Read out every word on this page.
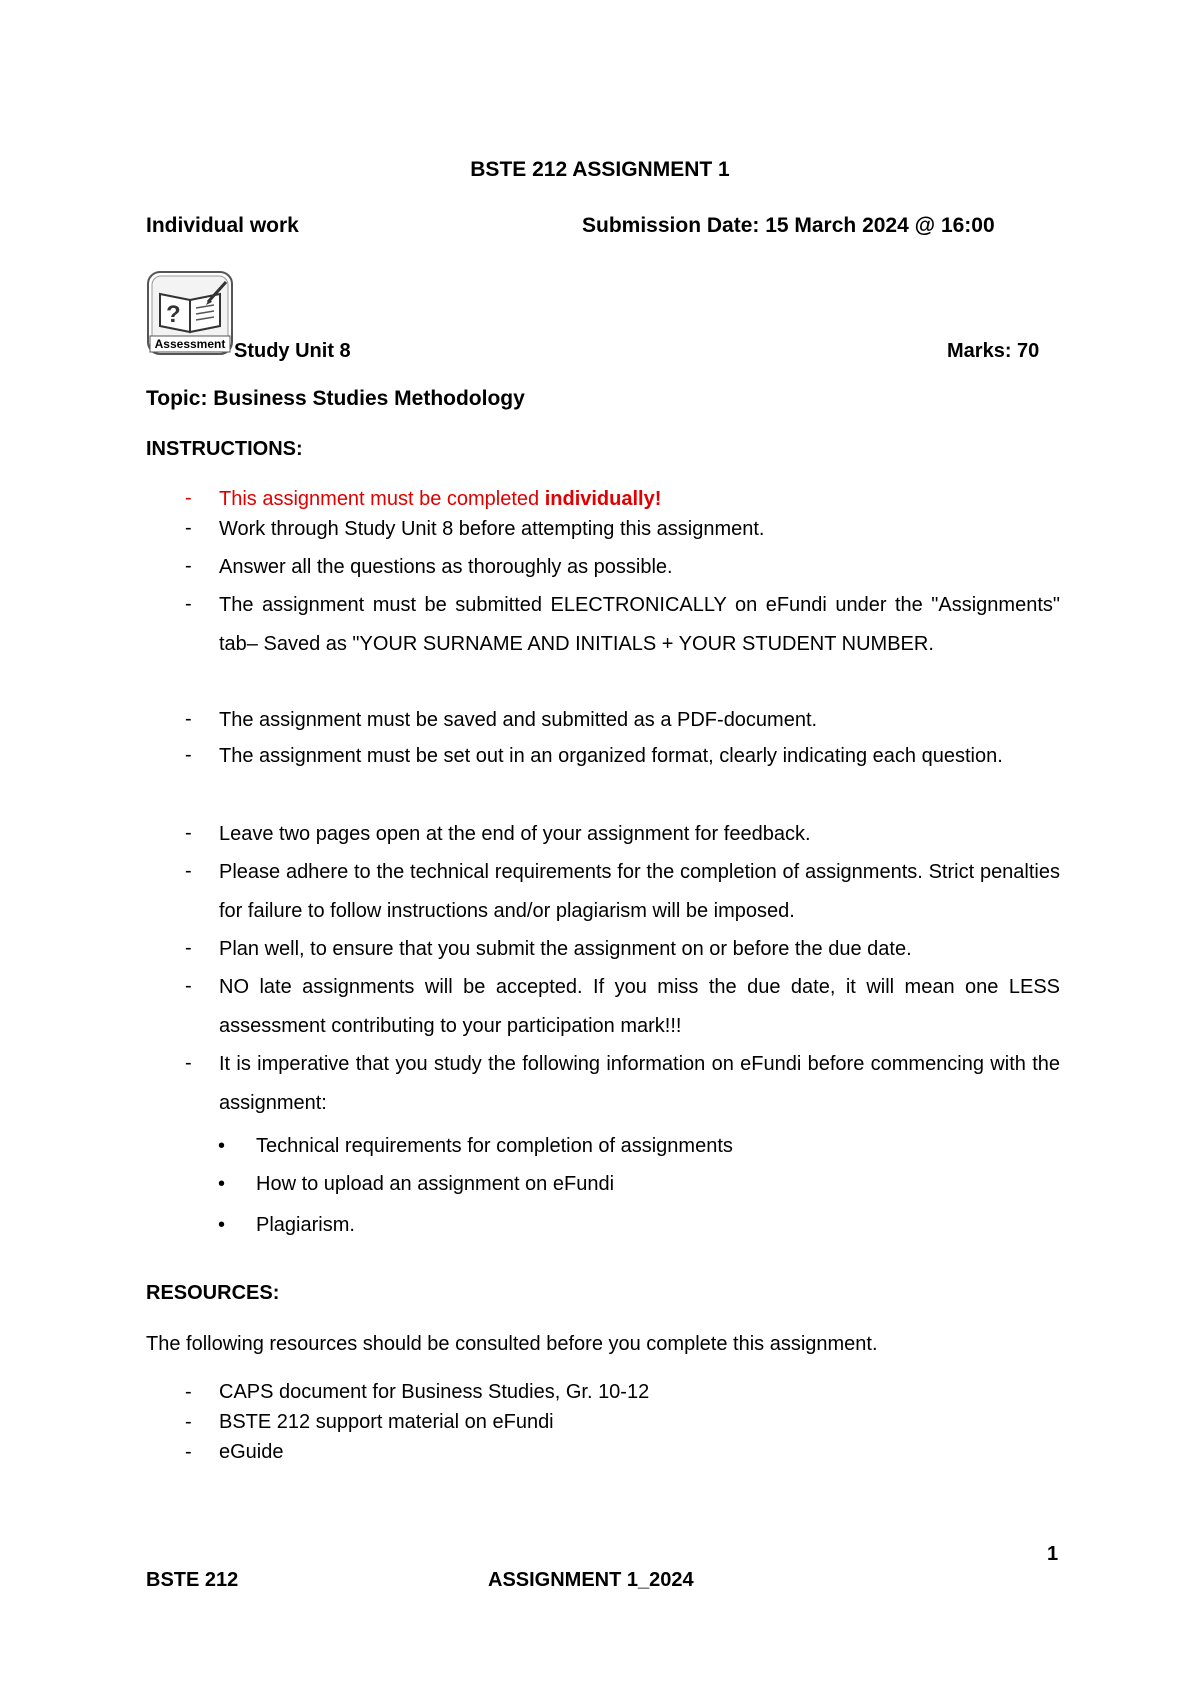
BSTE 212 ASSIGNMENT 1
Individual work	Submission Date: 15 March 2024 @ 16:00
?
Assessment Study Unit 8	Marks: 70
Topic: Business Studies Methodology
INSTRUCTIONS:
- This assignment must be completed individually!
- Work through Study Unit 8 before attempting this assignment.
- Answer all the questions as thoroughly as possible.
- The assignment must be submitted ELECTRONICALLY on eFundi under the "Assignments" tab– Saved as "YOUR SURNAME AND INITIALS + YOUR STUDENT NUMBER.
- The assignment must be saved and submitted as a PDF-document.
- The assignment must be set out in an organized format, clearly indicating each question.
- Leave two pages open at the end of your assignment for feedback.
- Please adhere to the technical requirements for the completion of assignments. Strict penalties for failure to follow instructions and/or plagiarism will be imposed.
- Plan well, to ensure that you submit the assignment on or before the due date.
- NO late assignments will be accepted. If you miss the due date, it will mean one LESS assessment contributing to your participation mark!!!
- It is imperative that you study the following information on eFundi before commencing with the assignment:
• Technical requirements for completion of assignments
• How to upload an assignment on eFundi
• Plagiarism.
RESOURCES:
The following resources should be consulted before you complete this assignment.
- CAPS document for Business Studies, Gr. 10-12
- BSTE 212 support material on eFundi
- eGuide
1
BSTE 212	ASSIGNMENT 1_2024
